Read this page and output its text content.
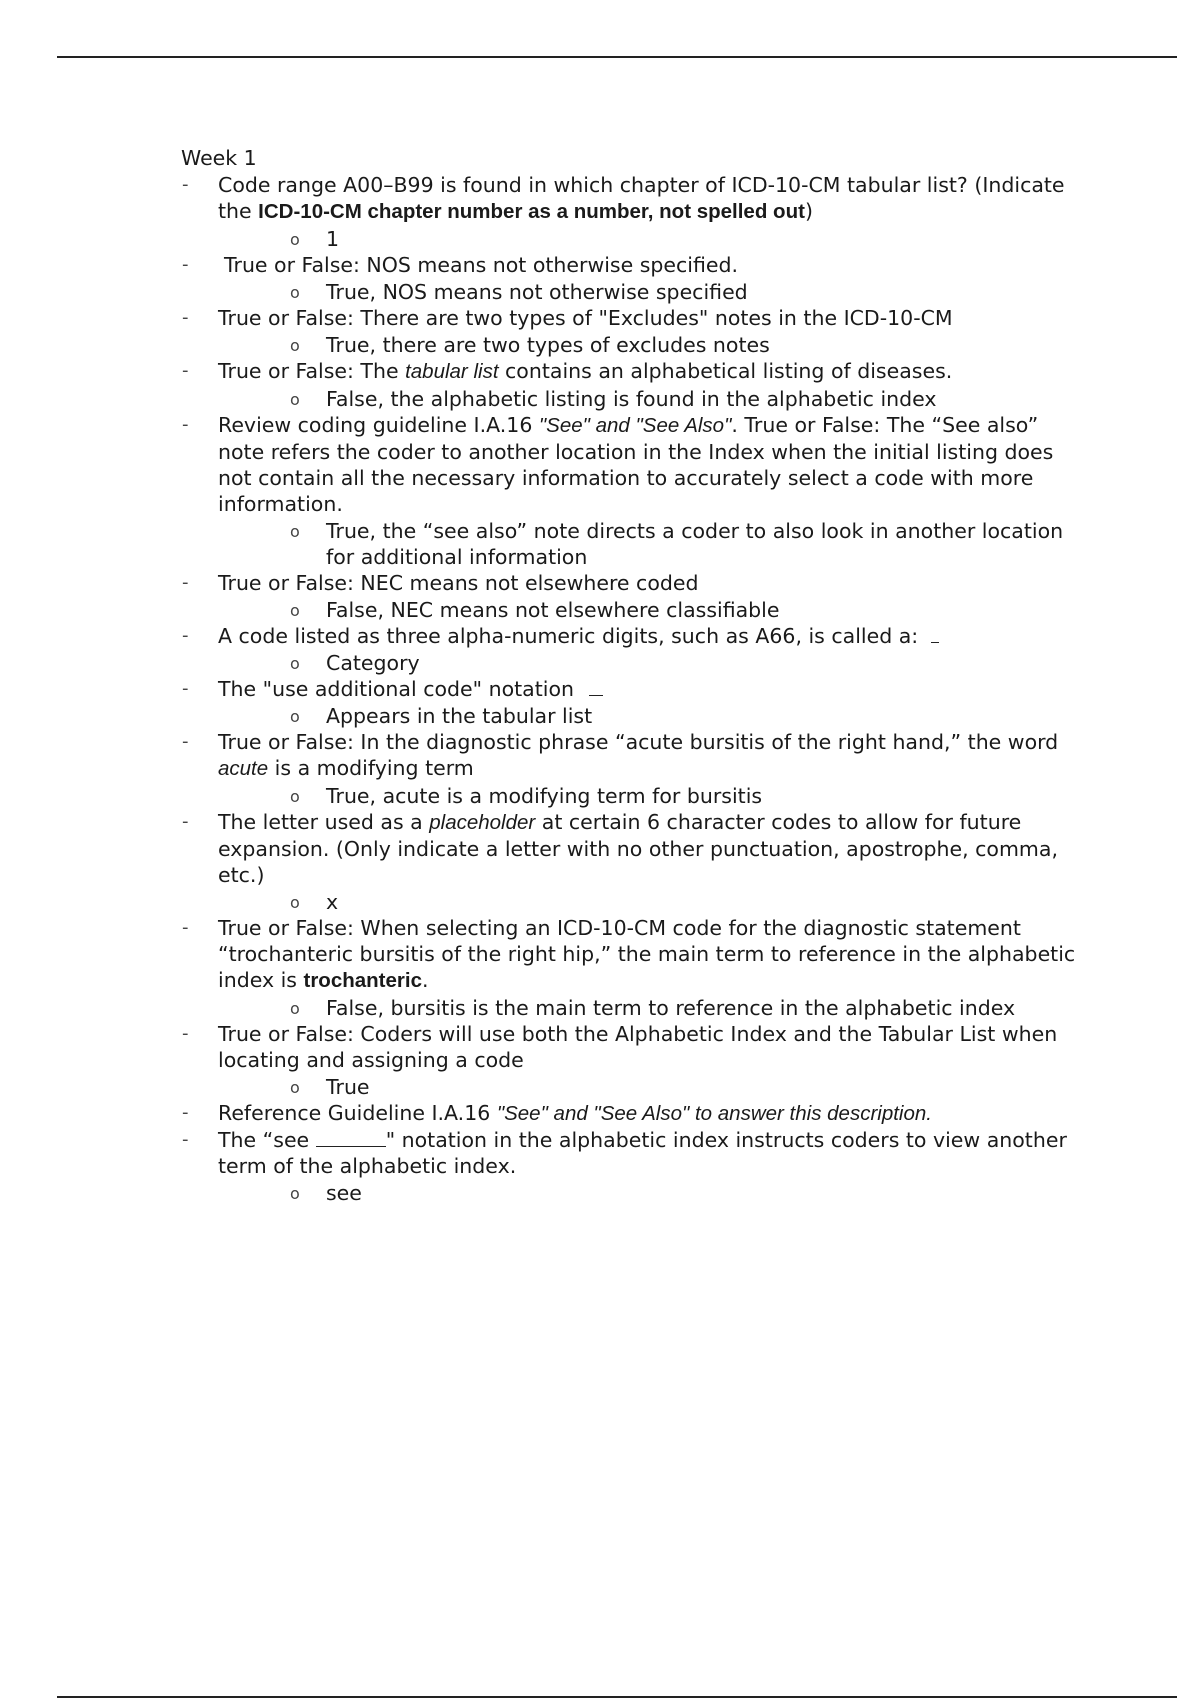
Week 1
- Code range A00–B99 is found in which chapter of ICD-10-CM tabular list? (Indicate the ICD-10-CM chapter number as a number, not spelled out)
o 1
- True or False: NOS means not otherwise specified.
o True, NOS means not otherwise specified
- True or False: There are two types of "Excludes" notes in the ICD-10-CM
o True, there are two types of excludes notes
- True or False: The tabular list contains an alphabetical listing of diseases.
o False, the alphabetic listing is found in the alphabetic index
- Review coding guideline I.A.16 "See" and "See Also". True or False: The “See also” note refers the coder to another location in the Index when the initial listing does not contain all the necessary information to accurately select a code with more information.
o True, the “see also” note directs a coder to also look in another location for additional information
- True or False: NEC means not elsewhere coded
o False, NEC means not elsewhere classifiable
- A code listed as three alpha-numeric digits, such as A66, is called a:
o Category
- The "use additional code" notation
o Appears in the tabular list
- True or False: In the diagnostic phrase “acute bursitis of the right hand,” the word acute is a modifying term
o True, acute is a modifying term for bursitis
- The letter used as a placeholder at certain 6 character codes to allow for future expansion. (Only indicate a letter with no other punctuation, apostrophe, comma, etc.)
o x
- True or False: When selecting an ICD-10-CM code for the diagnostic statement “trochanteric bursitis of the right hip,” the main term to reference in the alphabetic index is trochanteric.
o False, bursitis is the main term to reference in the alphabetic index
- True or False: Coders will use both the Alphabetic Index and the Tabular List when locating and assigning a code
o True
- Reference Guideline I.A.16 "See" and "See Also" to answer this description.
- The “see	" notation in the alphabetic index instructs coders to view another term of the alphabetic index.
o see
